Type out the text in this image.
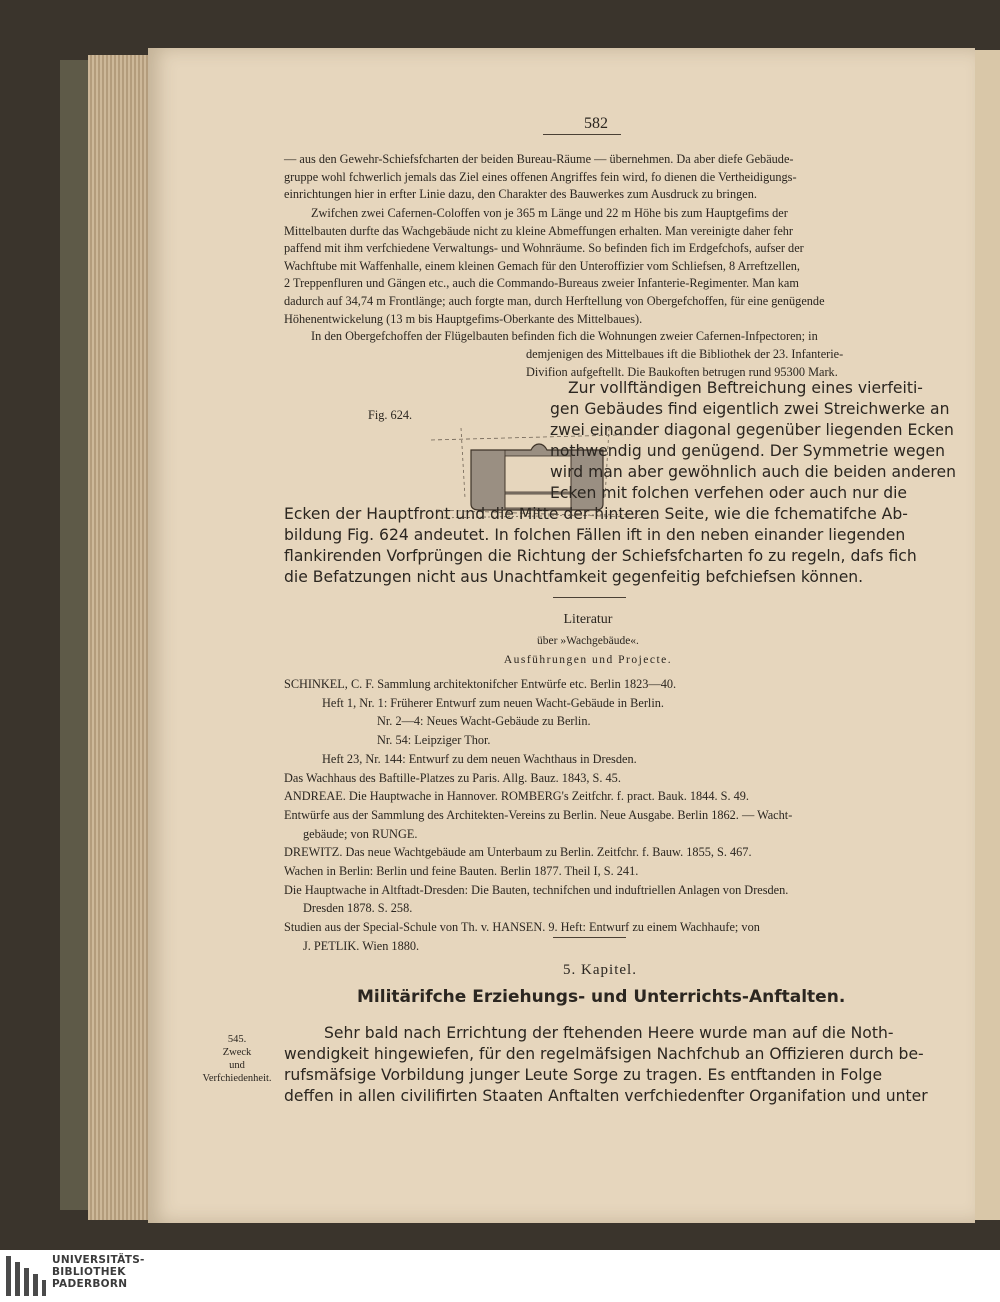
582
— aus den Gewehr-Schiefsfcharten der beiden Bureau-Räume — übernehmen. Da aber diefe Gebäude-
gruppe wohl fchwerlich jemals das Ziel eines offenen Angriffes fein wird, fo dienen die Vertheidigungs-
einrichtungen hier in erfter Linie dazu, den Charakter des Bauwerkes zum Ausdruck zu bringen.
Zwifchen zwei Cafernen-Coloffen von je 365 m Länge und 22 m Höhe bis zum Hauptgefims der
Mittelbauten durfte das Wachgebäude nicht zu kleine Abmeffungen erhalten. Man vereinigte daher fehr
paffend mit ihm verfchiedene Verwaltungs- und Wohnräume. So befinden fich im Erdgefchofs, aufser der
Wachftube mit Waffenhalle, einem kleinen Gemach für den Unteroffizier vom Schliefsen, 8 Arreftzellen,
2 Treppenfluren und Gängen etc., auch die Commando-Bureaus zweier Infanterie-Regimenter. Man kam
dadurch auf 34,74 m Frontlänge; auch forgte man, durch Herftellung von Obergefchoffen, für eine genügende
Höhenentwickelung (13 m bis Hauptgefims-Oberkante des Mittelbaues).
In den Obergefchoffen der Flügelbauten befinden fich die Wohnungen zweier Cafernen-Infpectoren; in
demjenigen des Mittelbaues ift die Bibliothek der 23. Infanterie-
Divifion aufgeftellt. Die Baukoften betrugen rund 95300 Mark.
Fig. 624.
Zur vollftändigen Beftreichung eines vierfeiti-
gen Gebäudes find eigentlich zwei Streichwerke an
zwei einander diagonal gegenüber liegenden Ecken
nothwendig und genügend. Der Symmetrie wegen
wird man aber gewöhnlich auch die beiden anderen
Ecken mit folchen verfehen oder auch nur die
Ecken der Hauptfront und die Mitte der hinteren Seite, wie die fchematifche Ab-
bildung Fig. 624 andeutet. In folchen Fällen ift in den neben einander liegenden
flankirenden Vorfprüngen die Richtung der Schiefsfcharten fo zu regeln, dafs fich
die Befatzungen nicht aus Unachtfamkeit gegenfeitig befchiefsen können.
Literatur
über »Wachgebäude«.
Ausführungen und Projecte.
SCHINKEL, C. F. Sammlung architektonifcher Entwürfe etc. Berlin 1823—40.
Heft 1, Nr. 1: Früherer Entwurf zum neuen Wacht-Gebäude in Berlin.
Nr. 2—4: Neues Wacht-Gebäude zu Berlin.
Nr. 54: Leipziger Thor.
Heft 23, Nr. 144: Entwurf zu dem neuen Wachthaus in Dresden.
Das Wachhaus des Baftille-Platzes zu Paris. Allg. Bauz. 1843, S. 45.
ANDREAE. Die Hauptwache in Hannover. ROMBERG's Zeitfchr. f. pract. Bauk. 1844. S. 49.
Entwürfe aus der Sammlung des Architekten-Vereins zu Berlin. Neue Ausgabe. Berlin 1862. — Wacht-
gebäude; von RUNGE.
DREWITZ. Das neue Wachtgebäude am Unterbaum zu Berlin. Zeitfchr. f. Bauw. 1855, S. 467.
Wachen in Berlin: Berlin und feine Bauten. Berlin 1877. Theil I, S. 241.
Die Hauptwache in Altftadt-Dresden: Die Bauten, technifchen und induftriellen Anlagen von Dresden.
Dresden 1878. S. 258.
Studien aus der Special-Schule von Th. v. HANSEN. 9. Heft: Entwurf zu einem Wachhaufe; von
J. PETLIK. Wien 1880.
5. Kapitel.
Militärifche Erziehungs- und Unterrichts-Anftalten.
545.
Zweck
und
Verfchiedenheit.
Sehr bald nach Errichtung der ftehenden Heere wurde man auf die Noth-
wendigkeit hingewiefen, für den regelmäfsigen Nachfchub an Offizieren durch be-
rufsmäfsige Vorbildung junger Leute Sorge zu tragen. Es entftanden in Folge
deffen in allen civilifirten Staaten Anftalten verfchiedenfter Organifation und unter
UNIVERSITÄTS-
BIBLIOTHEK
PADERBORN
